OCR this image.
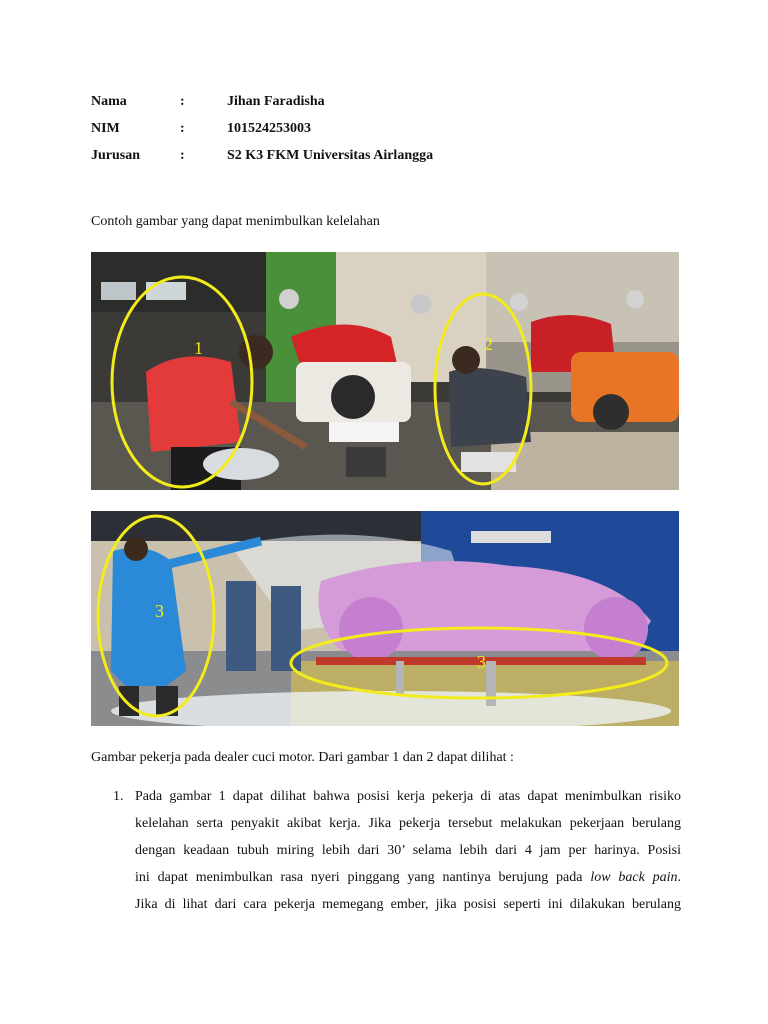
Nama	:	Jihan Faradisha
NIM	:	101524253003
Jurusan	:	S2 K3 FKM Universitas Airlangga
Contoh gambar yang dapat menimbulkan kelelahan
1	2
3
3
Gambar pekerja pada dealer cuci motor. Dari gambar 1 dan 2 dapat dilihat :
1. Pada gambar 1 dapat dilihat bahwa posisi kerja pekerja di atas dapat menimbulkan risiko
kelelahan serta penyakit akibat kerja. Jika pekerja tersebut melakukan pekerjaan berulang
dengan keadaan tubuh miring lebih dari 30’ selama lebih dari 4 jam per harinya. Posisi
ini dapat menimbulkan rasa nyeri pinggang yang nantinya berujung pada low back pain.
Jika di lihat dari cara pekerja memegang ember, jika posisi seperti ini dilakukan berulang
